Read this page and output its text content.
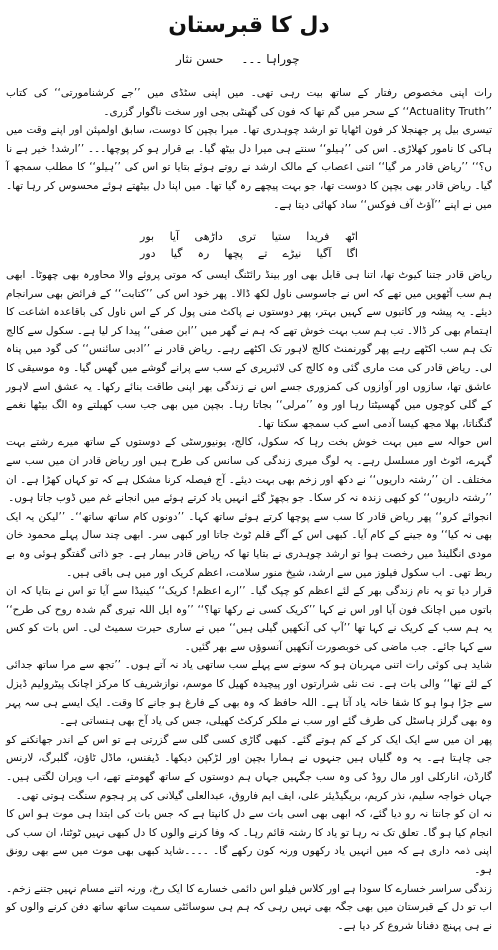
دل کا قبرستان
چوراہا ۔۔۔ حسن نثار

رات اپنی مخصوص رفتار کے ساتھ بیت رہی تھی۔ میں اپنی سٹڈی میں ’’جے کرشنامورتی‘‘ کی کتاب ’’Actuality Truth‘‘ کے سحر میں گم تھا کہ فون کی گھنٹی بجی اور سخت ناگوار گزری۔

تیسری بیل پر جھنجلا کر فون اٹھایا تو ارشد چوہدری تھا۔ میرا بچپن کا دوست، سابق اولمپئن اور اپنے وقت میں ہاکی کا نامور کھلاڑی۔ اس کی ’’ہیلو‘‘ سنتے ہی میرا دل بیٹھ گیا۔ بے قرار ہو کر پوچھا۔۔۔ ’’ارشد! خیر ہے نا ں؟‘‘ ’’ریاض قادر مر گیا‘‘ اتنی اعصاب کے مالک ارشد نے روتے ہوئے بتایا تو اس کی ’’ہیلو‘‘ کا مطلب سمجھ آ گیا۔ ریاض قادر بھی بچپن کا دوست تھا، جو بہت پیچھے رہ گیا تھا۔ میں اپنا دل بیٹھتے ہوئے محسوس کر رہا تھا۔ میں نے اپنے ’’آؤٹ آف فوکس‘‘ ساد کھائی دیتا ہے۔

اٹھ
فریدا
ستیا
تری
داڑھی
آیا
بور
اگا
آگیا
نیڑے
تے
پچھا
رہ
گیا
دور

ریاض قادر جتنا کیوٹ تھا، اتنا ہی قابل بھی اور بینڈ رائٹنگ ایسی کہ موتی پروئے والا محاورہ بھی چھوٹا۔ ابھی ہم سب آٹھویں میں تھے کہ اس نے جاسوسی ناول لکھ ڈالا۔ پھر خود اس کی ’’کتابت‘‘ کے فرائض بھی سرانجام دیئے۔ یہ پیشہ ور کاتبوں سے کہیں بہتر، پھر دوستوں نے پاکٹ منی پول کر کے اس ناول کی باقاعدہ اشاعت کا اہتمام بھی کر ڈالا۔ تب ہم سب بہت خوش تھے کہ ہم نے گھر میں ’’ابن صفی‘‘ پیدا کر لیا ہے۔ سکول سے کالج تک ہم سب اکٹھے رہے پھر گورنمنٹ کالج لاہور تک اکٹھے رہے۔ ریاض قادر نے ’’ادبی سائنس‘‘ کی گود میں پناہ لی۔ ریاض قادر کی مت ماری گئی وہ کالج کی لائبریری کے سب سے پرانے گوشے میں گھس گیا۔ وہ موسیقی کا عاشق تھا، سازوں اور آوازوں کی کمزوری جسے اس نے زندگی بھر اپنی طاقت بنائے رکھا۔ یہ عشق اسے لاہور کے گلی کوچوں میں گھسیٹتا رہا اور وہ ’’مرلی‘‘ بجاتا رہا۔ بچپن میں بھی جب سب کھیلتے وہ الگ بیٹھا نغمے گنگناتا، بھلا مجھ کیسا آدمی اسے کب سمجھ سکتا تھا۔

اس حوالہ سے میں بہت خوش بخت رہا کہ سکول، کالج، یونیورسٹی کے دوستوں کے ساتھ میرے رشتے بہت گہرے، اٹوٹ اور مسلسل رہے۔ یہ لوگ میری زندگی کی سانس کی طرح ہیں اور ریاض قادر ان میں سب سے مختلف۔ ان ’’رشتہ داریوں‘‘ نے دکھ اور زخم بھی بہت دیئے۔ آج فیصلہ کرنا مشکل ہے کہ تو کہاں کھڑا ہے۔ ان ’’رشتہ داریوں‘‘ کو کبھی زندہ نہ کر سکا۔ جو بچھڑ گئے انہیں یاد کرتے ہوئے میں انجانے غم میں ڈوب جاتا ہوں۔

انجوائے کرو‘‘ پھر ریاض قادر کا سب سے پوچھا کرتے ہوئے ساتھ کہا۔ ’’دونوں کام ساتھ ساتھ‘‘۔ ’’لیکن یہ ایک بھی نہ کیا‘‘ وہ جینے کے کام آیا۔ کبھی اس کے آگے قلم ٹوٹ جاتا اور کبھی سر۔ ابھی چند سال پہلے محمود خان مودی انگلینڈ میں رخصت ہوا تو ارشد چوہدری نے بتایا تھا کہ ریاض قادر بیمار ہے۔ جو ذاتی گفتگو ہوئی وہ بے ربط تھی۔ اب سکول فیلوز میں سے ارشد، شیخ منور سلامت، اعظم کریک اور میں ہی باقی ہیں۔

قرار دیا تو یہ نام زندگی بھر کے لئے اعظم کو چپک گیا۔ ’’ارے اعظم! کریک‘‘ کینیڈا سے آیا تو اس نے بتایا کہ ان باتوں میں اچانک فون آیا اور اس نے کہا ’’کریک کسی نے رکھا تھا؟‘‘ ’’وہ ایل اللہ تیری گم شدہ روح کی طرح‘‘ یہ ہم سب کے کریک نے کہا تھا ’’آپ کی آنکھیں گیلی ہیں‘‘ میں نے ساری حیرت سمیٹ لی۔ اس بات کو کس سے کہا جائے۔ جب ماضی کی خوبصورت آنکھیں آنسوؤں سے بھر گئیں۔

شاید ہی کوئی رات اتنی مہربان ہو کہ سونے سے پہلے سب ساتھی یاد نہ آتے ہوں۔ ’’تجھ سے مرا ساتھ جدائی کے لئے تھا‘‘ والی بات ہے۔ نت نئی شرارتوں اور پیچیدہ کھیل کا موسم، نوازشریف کا مرکز اچانک پیٹرولیم ڈیزل سے جڑا ہوا ہو کا شفا خانہ یاد آتا ہے۔ اللہ حافظ کہ وہ بھی کے فارغ ہو جانے کا وقت۔ ایک ایسے ہی سہ پہر وہ بھی گرلز ہاسٹل کی طرف گئے اور سب نے ملکر کرکٹ کھیلی، جس کی یاد آج بھی ہنساتی ہے۔

پھر ان میں سے ایک ایک کر کے کم ہوتے گئے۔ کبھی گاڑی کسی گلی سے گزرتی ہے تو اس کے اندر جھانکنے کو جی چاہتا ہے۔ یہ وہ گلیاں ہیں جنہوں نے ہمارا بچپن اور لڑکپن دیکھا۔ ڈیفنس، ماڈل ٹاؤن، گلبرگ، لارنس گارڈن، انارکلی اور مال روڈ کی وہ سب جگہیں جہاں ہم دوستوں کے ساتھ گھومتے تھے، اب ویران لگتی ہیں۔ جہاں خواجہ سلیم، نذر کریم، بریگیڈیئر علی، ایف ایم فاروق، عبدالعلی گیلانی کی پر ہجوم سنگت ہوتی تھی۔

نہ ان کو جانتا نہ رو دیا گئے، کہ ابھی بھی اسی بات سے دل کانپتا ہے کہ جس بات کی ابتدا ہی موت ہو اس کا انجام کیا ہو گا۔ تعلق تک نہ رہا تو یاد کا رشتہ قائم رہا۔ کہ وفا کرنے والوں کا دل کبھی نہیں ٹوٹتا، ان سب کی اپنی ذمہ داری ہے کہ میں انہیں یاد رکھوں ورنہ کون رکھے گا۔ ۔۔۔۔شاید کبھی بھی موت میں سے بھی رونق ہو۔

زندگی سراسر خسارے کا سودا ہے اور کلاس فیلو اس دائمی خسارے کا ایک رخ، ورنہ اتنے مسام نہیں جتنے زخم۔ اب تو دل کے قبرستان میں بھی جگہ بھی نہیں رہی کہ ہم ہی سوسائٹی سمیت ساتھ ساتھ دفن کرنے والوں کو نے ہی پہنچ دفنانا شروع کر دیا ہے۔
